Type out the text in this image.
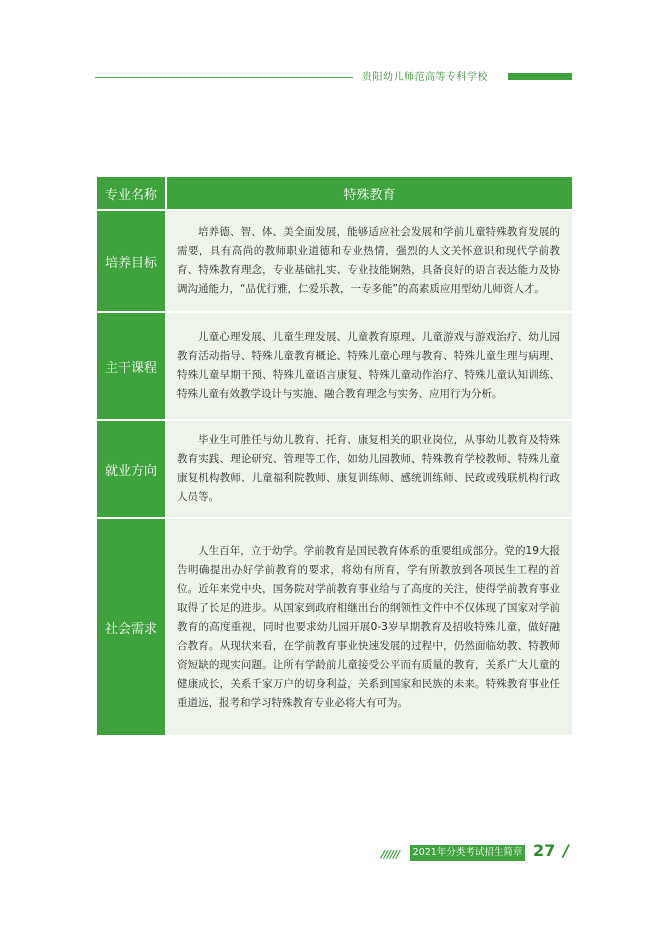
贵阳幼儿师范高等专科学校
专业名称	特殊教育
培养目标	培养德、智、体、美全面发展，能够适应社会发展和学前儿童特殊教育发展的需要，具有高尚的教师职业道德和专业热情，强烈的人文关怀意识和现代学前教育、特殊教育理念，专业基础扎实、专业技能娴熟，具备良好的语言表达能力及协调沟通能力，“品优行雅，仁爱乐教，一专多能”的高素质应用型幼儿师资人才。

主干课程	儿童心理发展、儿童生理发展、儿童教育原理、儿童游戏与游戏治疗、幼儿园教育活动指导、特殊儿童教育概论、特殊儿童心理与教育、特殊儿童生理与病理、特殊儿童早期干预、特殊儿童语言康复、特殊儿童动作治疗、特殊儿童认知训练、特殊儿童有效教学设计与实施、融合教育理念与实务、应用行为分析。

就业方向	毕业生可胜任与幼儿教育、托育、康复相关的职业岗位，从事幼儿教育及特殊教育实践、理论研究、管理等工作，如幼儿园教师、特殊教育学校教师、特殊儿童康复机构教师、儿童福利院教师、康复训练师、感统训练师、民政或残联机构行政人员等。

社会需求	人生百年，立于幼学。学前教育是国民教育体系的重要组成部分。党的19大报告明确提出办好学前教育的要求，将幼有所育，学有所教放到各项民生工程的首位。近年来党中央，国务院对学前教育事业给与了高度的关注，使得学前教育事业取得了长足的进步。从国家到政府相继出台的纲领性文件中不仅体现了国家对学前教育的高度重视，同时也要求幼儿园开展0-3岁早期教育及招收特殊儿童，做好融合教育。从现状来看，在学前教育事业快速发展的过程中，仍然面临幼教、特教师资短缺的现实问题。让所有学龄前儿童接受公平而有质量的教育，关系广大儿童的健康成长，关系千家万户的切身利益，关系到国家和民族的未来。特殊教育事业任重道远，报考和学习特殊教育专业必将大有可为。

////// 2021年分类考试招生简章 27 /
